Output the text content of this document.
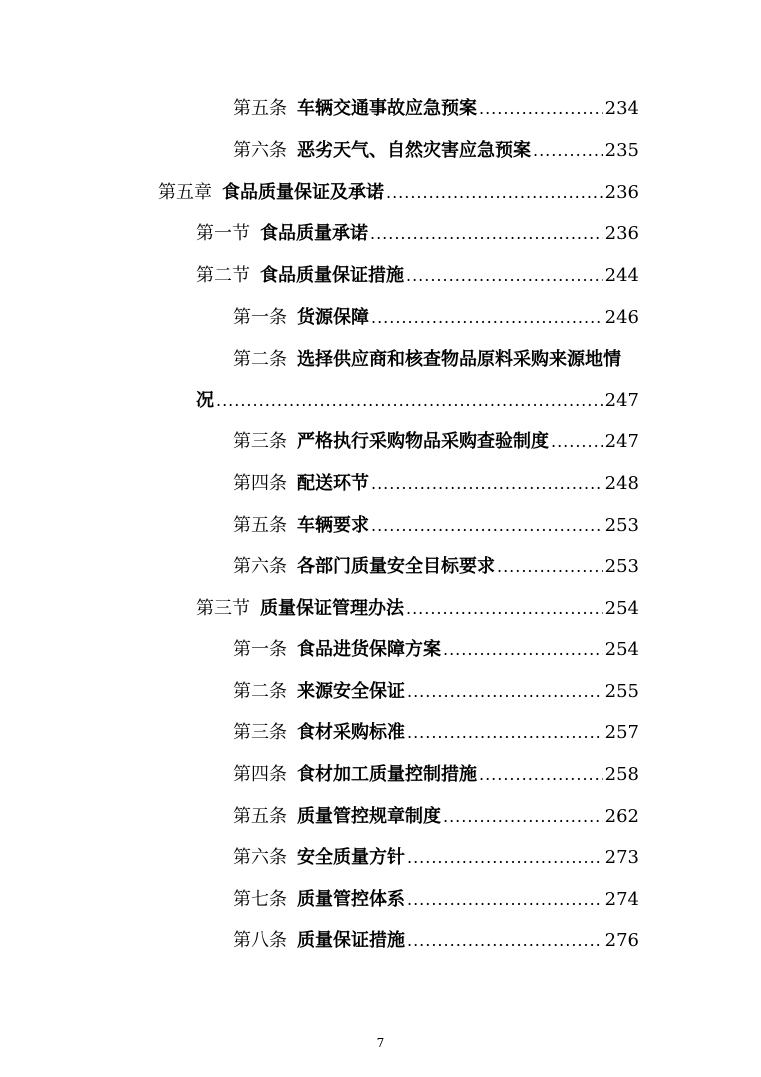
第五条 车辆交通事故应急预案 .....	234
第六条 恶劣天气、自然灾害应急预案 .....	235
第五章 食品质量保证及承诺 .....	236
第一节 食品质量承诺 .....	236
第二节 食品质量保证措施 .....	244
第一条 货源保障 .....	246
第二条 选择供应商和核查物品原料采购来源地情
况 .....	247
第三条 严格执行采购物品采购查验制度 .....	247
第四条 配送环节 .....	248
第五条 车辆要求 .....	253
第六条 各部门质量安全目标要求 .....	253
第三节 质量保证管理办法 .....	254
第一条 食品进货保障方案 .....	254
第二条 来源安全保证 .....	255
第三条 食材采购标准 .....	257
第四条 食材加工质量控制措施 .....	258
第五条 质量管控规章制度 .....	262
第六条 安全质量方针 .....	273
第七条 质量管控体系 .....	274
第八条 质量保证措施 .....	276
7
